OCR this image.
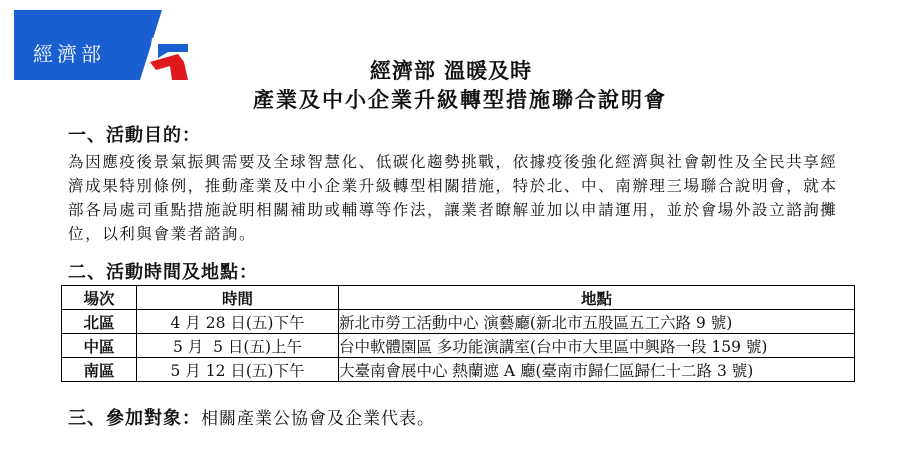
經濟部
經濟部 溫暖及時
產業及中小企業升級轉型措施聯合說明會
一、活動目的：
為因應疫後景氣振興需要及全球智慧化、低碳化趨勢挑戰，依據疫後強化經濟與社會韌性及全民共享經濟成果特別條例，推動產業及中小企業升級轉型相關措施，特於北、中、南辦理三場聯合說明會，就本部各局處司重點措施說明相關補助或輔導等作法，讓業者瞭解並加以申請運用，並於會場外設立諮詢攤位，以利與會業者諮詢。
二、活動時間及地點：
場次	時間	地點
北區	4 月 28 日(五)下午	新北市勞工活動中心 演藝廳(新北市五股區五工六路 9 號)
中區	5 月  5 日(五)上午	台中軟體園區 多功能演講室(台中市大里區中興路一段 159 號)
南區	5 月 12 日(五)下午	大臺南會展中心 熱蘭遮 A 廳(臺南市歸仁區歸仁十二路 3 號)
三、參加對象：相關產業公協會及企業代表。
